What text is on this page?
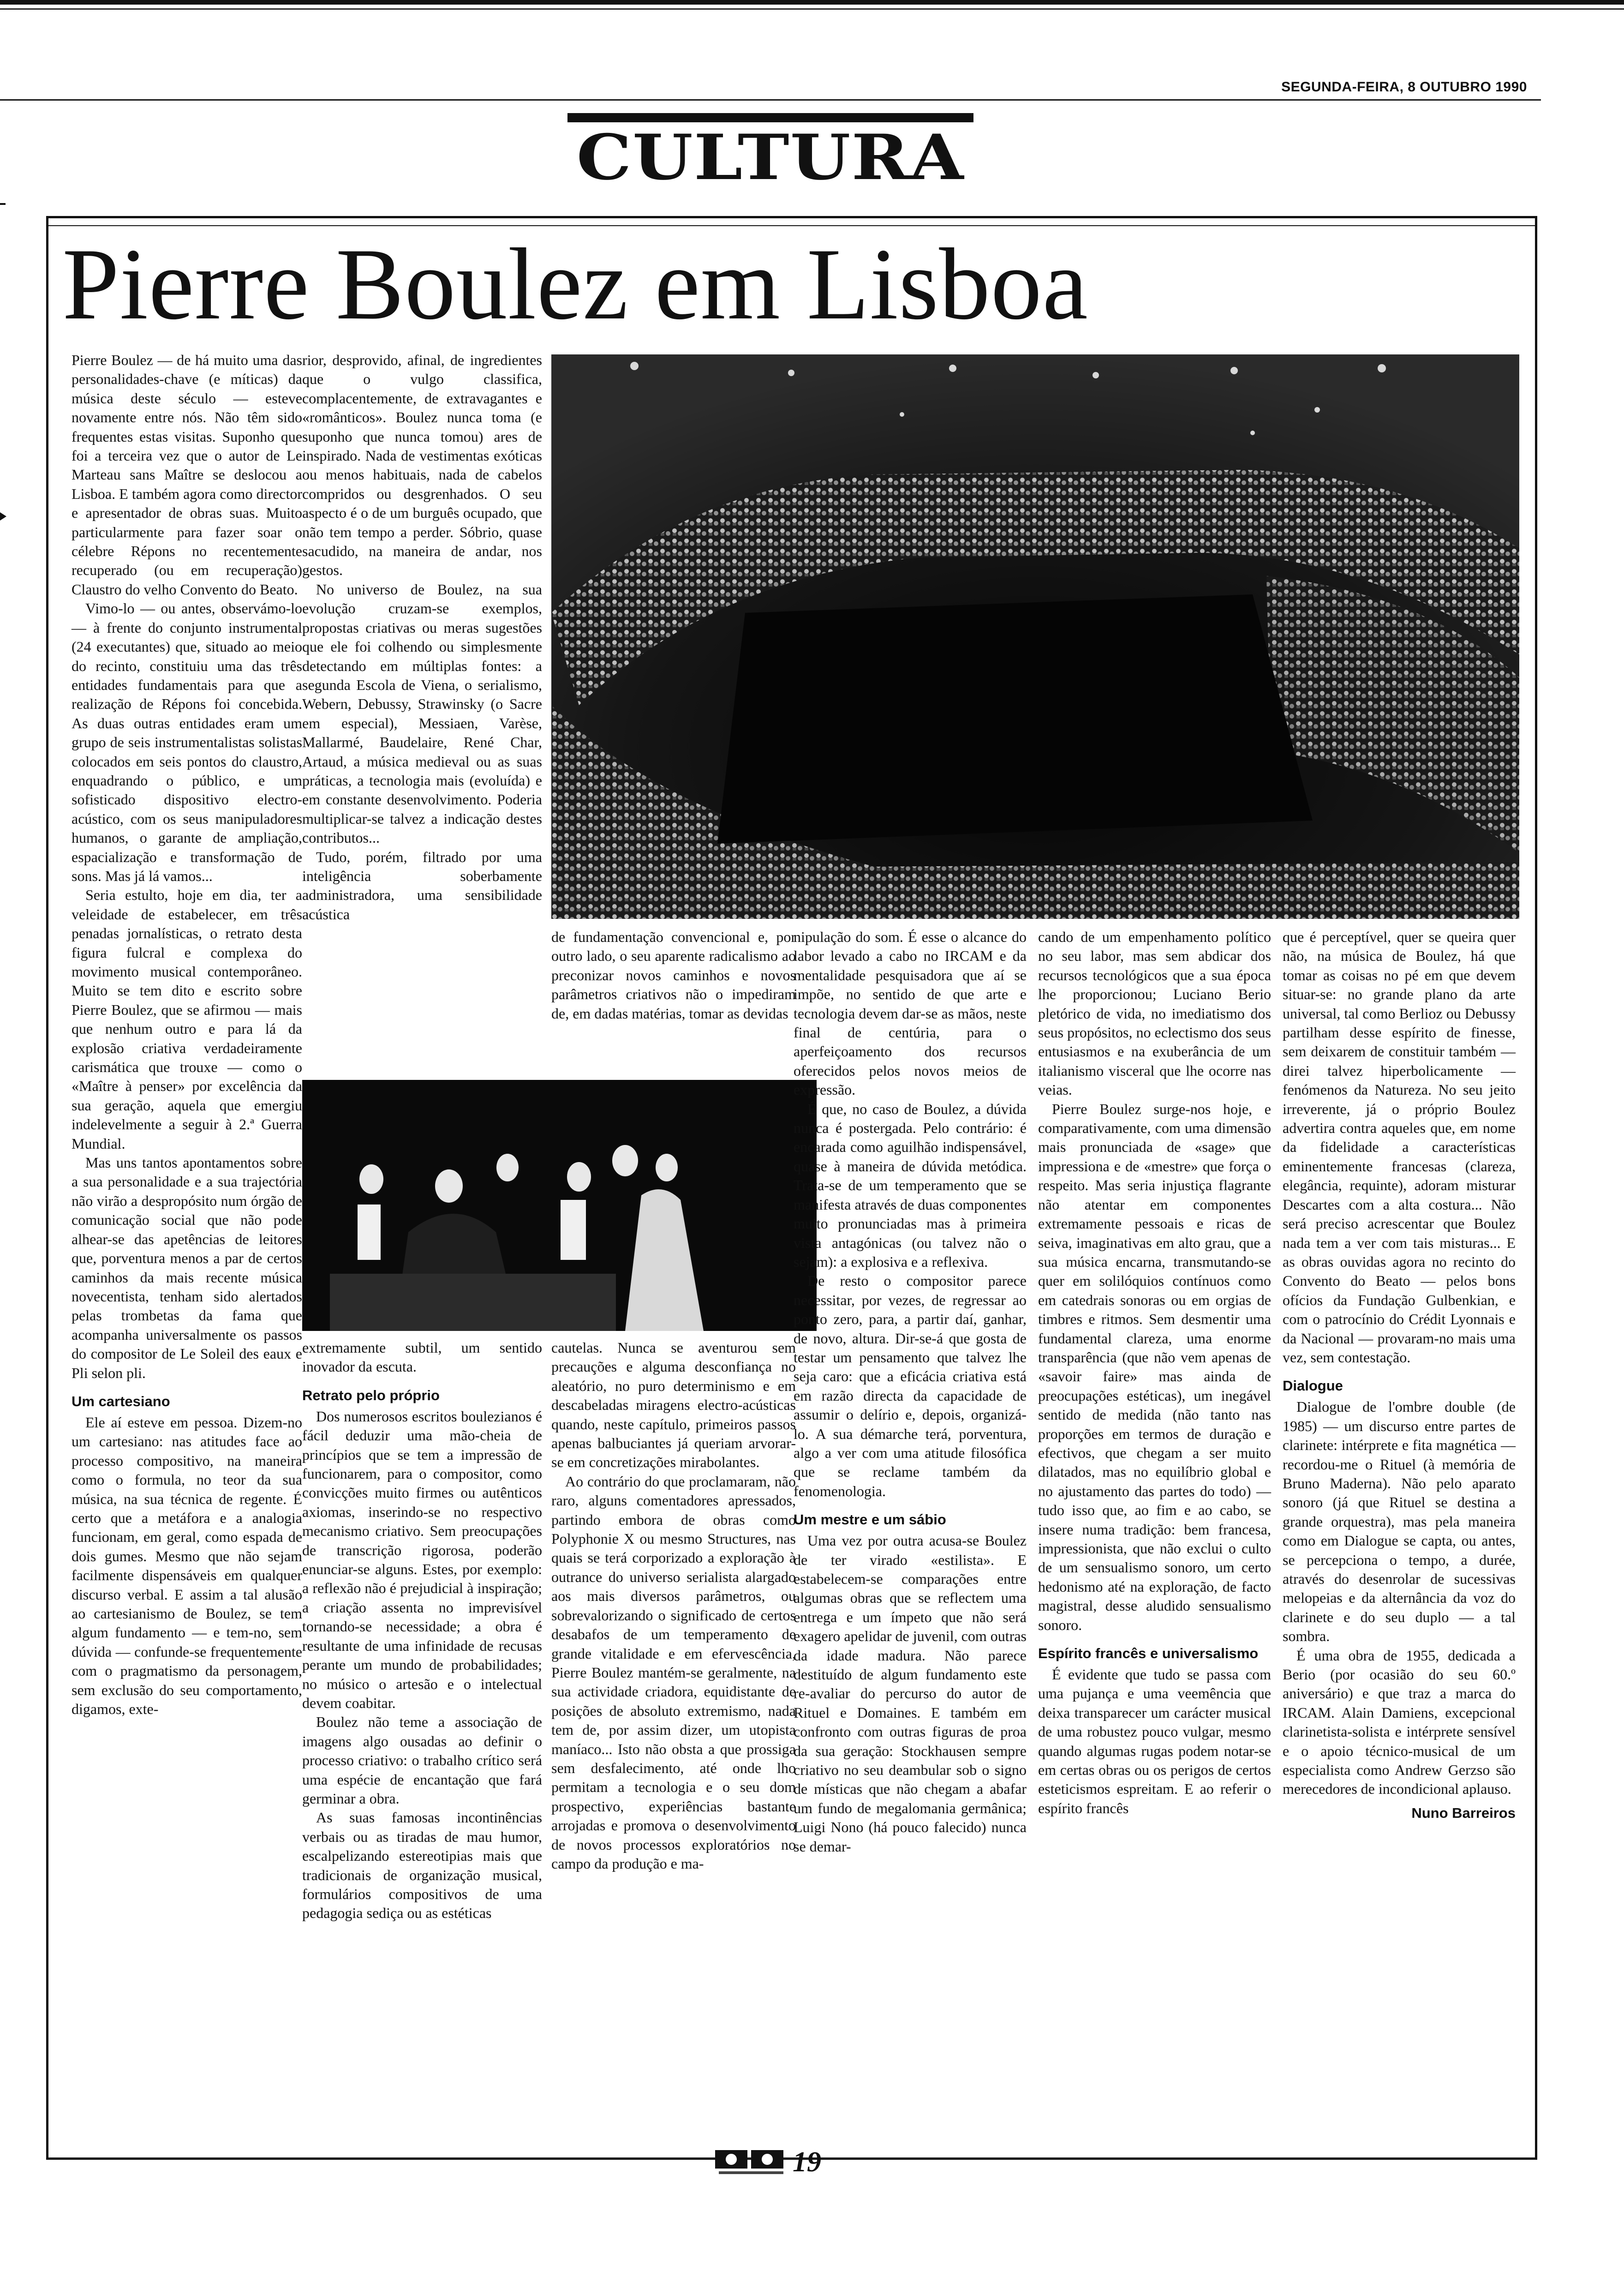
SEGUNDA-FEIRA, 8 OUTUBRO 1990
CULTURA
Pierre Boulez em Lisboa

Pierre Boulez — de há muito uma das personalidades-chave (e míticas) da música deste século — esteve novamente entre nós. Não têm sido frequentes estas visitas. Suponho que foi a terceira vez que o autor de Le Marteau sans Maître se deslocou a Lisboa. E também agora como director e apresentador de obras suas. Muito particularmente para fazer soar o célebre Répons no recentemente recuperado (ou em recuperação) Claustro do velho Convento do Beato.

Vimo-lo — ou antes, observámo-lo — à frente do conjunto instrumental (24 executantes) que, situado ao meio do recinto, constituiu uma das três entidades fundamentais para que a realização de Répons foi concebida. As duas outras entidades eram um grupo de seis instrumentalistas solistas colocados em seis pontos do claustro, enquadrando o público, e um sofisticado dispositivo electro-acústico, com os seus manipuladores humanos, o garante de ampliação, espacialização e transformação de sons. Mas já lá vamos...

Seria estulto, hoje em dia, ter a veleidade de estabelecer, em três penadas jornalísticas, o retrato desta figura fulcral e complexa do movimento musical contemporâneo. Muito se tem dito e escrito sobre Pierre Boulez, que se afirmou — mais que nenhum outro e para lá da explosão criativa verdadeiramente carismática que trouxe — como o «Maître à penser» por excelência da sua geração, aquela que emergiu indelevelmente a seguir à 2.ª Guerra Mundial.

Mas uns tantos apontamentos sobre a sua personalidade e a sua trajectória não virão a despropósito num órgão de comunicação social que não pode alhear-se das apetências de leitores que, porventura menos a par de certos caminhos da mais recente música novecentista, tenham sido alertados pelas trombetas da fama que acompanha universalmente os passos do compositor de Le Soleil des eaux e Pli selon pli.

Um cartesiano

Ele aí esteve em pessoa. Dizem-no um cartesiano: nas atitudes face ao processo compositivo, na maneira como o formula, no teor da sua música, na sua técnica de regente. É certo que a metáfora e a analogia funcionam, em geral, como espada de dois gumes. Mesmo que não sejam facilmente dispensáveis em qualquer discurso verbal. E assim a tal alusão ao cartesianismo de Boulez, se tem algum fundamento — e tem-no, sem dúvida — confunde-se frequentemente com o pragmatismo da personagem, sem exclusão do seu comportamento, digamos, exte-

rior, desprovido, afinal, de ingredientes que o vulgo classifica, complacentemente, de extravagantes e «românticos». Boulez nunca toma (e suponho que nunca tomou) ares de inspirado. Nada de vestimentas exóticas ou menos habituais, nada de cabelos compridos ou desgrenhados. O seu aspecto é o de um burguês ocupado, que não tem tempo a perder. Sóbrio, quase sacudido, na maneira de andar, nos gestos.

No universo de Boulez, na sua evolução cruzam-se exemplos, propostas criativas ou meras sugestões que ele foi colhendo ou simplesmente detectando em múltiplas fontes: a segunda Escola de Viena, o serialismo, Webern, Debussy, Strawinsky (o Sacre em especial), Messiaen, Varèse, Mallarmé, Baudelaire, René Char, Artaud, a música medieval ou as suas práticas, a tecnologia mais (evoluída) e em constante desenvolvimento. Poderia multiplicar-se talvez a indicação destes contributos...

Tudo, porém, filtrado por uma inteligência soberbamente administradora, uma sensibilidade acústica

extremamente subtil, um sentido inovador da escuta.

Retrato pelo próprio

Dos numerosos escritos boulezianos é fácil deduzir uma mão-cheia de princípios que se tem a impressão de funcionarem, para o compositor, como convicções muito firmes ou autênticos axiomas, inserindo-se no respectivo mecanismo criativo. Sem preocupações de transcrição rigorosa, poderão enunciar-se alguns. Estes, por exemplo: a reflexão não é prejudicial à inspiração; a criação assenta no imprevisível tornando-se necessidade; a obra é resultante de uma infinidade de recusas perante um mundo de probabilidades; no músico o artesão e o intelectual devem coabitar.

Boulez não teme a associação de imagens algo ousadas ao definir o processo criativo: o trabalho crítico será uma espécie de encantação que fará germinar a obra.

As suas famosas incontinências verbais ou as tiradas de mau humor, escalpelizando estereotipias mais que tradicionais de organização musical, formulários compositivos de uma pedagogia sediça ou as estéticas

de fundamentação convencional e, por outro lado, o seu aparente radicalismo ao preconizar novos caminhos e novos parâmetros criativos não o impediram de, em dadas matérias, tomar as devidas

cautelas. Nunca se aventurou sem precauções e alguma desconfiança no aleatório, no puro determinismo e em descabeladas miragens electro-acústicas quando, neste capítulo, primeiros passos apenas balbuciantes já queriam arvorar-se em concretizações mirabolantes.

Ao contrário do que proclamaram, não raro, alguns comentadores apressados, partindo embora de obras como Polyphonie X ou mesmo Structures, nas quais se terá corporizado a exploração à outrance do universo serialista alargado aos mais diversos parâmetros, ou sobrevalorizando o significado de certos desabafos de um temperamento de grande vitalidade e em efervescência, Pierre Boulez mantém-se geralmente, na sua actividade criadora, equidistante de posições de absoluto extremismo, nada tem de, por assim dizer, um utopista maníaco... Isto não obsta a que prossiga sem desfalecimento, até onde lho permitam a tecnologia e o seu dom prospectivo, experiências bastante arrojadas e promova o desenvolvimento de novos processos exploratórios no campo da produção e ma-

nipulação do som. É esse o alcance do labor levado a cabo no IRCAM e da mentalidade pesquisadora que aí se impõe, no sentido de que arte e tecnologia devem dar-se as mãos, neste final de centúria, para o aperfeiçoamento dos recursos oferecidos pelos novos meios de expressão.

É que, no caso de Boulez, a dúvida nunca é postergada. Pelo contrário: é encarada como aguilhão indispensável, quase à maneira de dúvida metódica. Trata-se de um temperamento que se manifesta através de duas componentes muito pronunciadas mas à primeira vista antagónicas (ou talvez não o sejam): a explosiva e a reflexiva.

De resto o compositor parece necessitar, por vezes, de regressar ao ponto zero, para, a partir daí, ganhar, de novo, altura. Dir-se-á que gosta de testar um pensamento que talvez lhe seja caro: que a eficácia criativa está em razão directa da capacidade de assumir o delírio e, depois, organizá-lo. A sua démarche terá, porventura, algo a ver com uma atitude filosófica que se reclame também da fenomenologia.

Um mestre e um sábio

Uma vez por outra acusa-se Boulez de ter virado «estilista». E estabelecem-se comparações entre algumas obras que se reflectem uma entrega e um ímpeto que não será exagero apelidar de juvenil, com outras da idade madura. Não parece destituído de algum fundamento este re-avaliar do percurso do autor de Rituel e Domaines. E também em confronto com outras figuras de proa da sua geração: Stockhausen sempre criativo no seu deambular sob o signo de místicas que não chegam a abafar um fundo de megalomania germânica; Luigi Nono (há pouco falecido) nunca se demar-

cando de um empenhamento político no seu labor, mas sem abdicar dos recursos tecnológicos que a sua época lhe proporcionou; Luciano Berio pletórico de vida, no imediatismo dos seus propósitos, no eclectismo dos seus entusiasmos e na exuberância de um italianismo visceral que lhe ocorre nas veias.

Pierre Boulez surge-nos hoje, e comparativamente, com uma dimensão mais pronunciada de «sage» que impressiona e de «mestre» que força o respeito. Mas seria injustiça flagrante não atentar em componentes extremamente pessoais e ricas de seiva, imaginativas em alto grau, que a sua música encarna, transmutando-se quer em solilóquios contínuos como em catedrais sonoras ou em orgias de timbres e ritmos. Sem desmentir uma fundamental clareza, uma enorme transparência (que não vem apenas de «savoir faire» mas ainda de preocupações estéticas), um inegável sentido de medida (não tanto nas proporções em termos de duração e efectivos, que chegam a ser muito dilatados, mas no equilíbrio global e no ajustamento das partes do todo) — tudo isso que, ao fim e ao cabo, se insere numa tradição: bem francesa, impressionista, que não exclui o culto de um sensualismo sonoro, um certo hedonismo até na exploração, de facto magistral, desse aludido sensualismo sonoro.

Espírito francês e universalismo

É evidente que tudo se passa com uma pujança e uma veemência que deixa transparecer um carácter musical de uma robustez pouco vulgar, mesmo quando algumas rugas podem notar-se em certas obras ou os perigos de certos esteticismos espreitam. E ao referir o espírito francês

que é perceptível, quer se queira quer não, na música de Boulez, há que tomar as coisas no pé em que devem situar-se: no grande plano da arte universal, tal como Berlioz ou Debussy partilham desse espírito de finesse, sem deixarem de constituir também — direi talvez hiperbolicamente — fenómenos da Natureza. No seu jeito irreverente, já o próprio Boulez advertira contra aqueles que, em nome da fidelidade a características eminentemente francesas (clareza, elegância, requinte), adoram misturar Descartes com a alta costura... Não será preciso acrescentar que Boulez nada tem a ver com tais misturas... E as obras ouvidas agora no recinto do Convento do Beato — pelos bons ofícios da Fundação Gulbenkian, e com o patrocínio do Crédit Lyonnais e da Nacional — provaram-no mais uma vez, sem contestação.

Dialogue

Dialogue de l'ombre double (de 1985) — um discurso entre partes de clarinete: intérprete e fita magnética — recordou-me o Rituel (à memória de Bruno Maderna). Não pelo aparato sonoro (já que Rituel se destina a grande orquestra), mas pela maneira como em Dialogue se capta, ou antes, se percepciona o tempo, a durée, através do desenrolar de sucessivas melopeias e da alternância da voz do clarinete e do seu duplo — a tal sombra.

É uma obra de 1955, dedicada a Berio (por ocasião do seu 60.º aniversário) e que traz a marca do IRCAM. Alain Damiens, excepcional clarinetista-solista e intérprete sensível e o apoio técnico-musical de um especialista como Andrew Gerzso são merecedores de incondicional aplauso.

Nuno Barreiros
19
